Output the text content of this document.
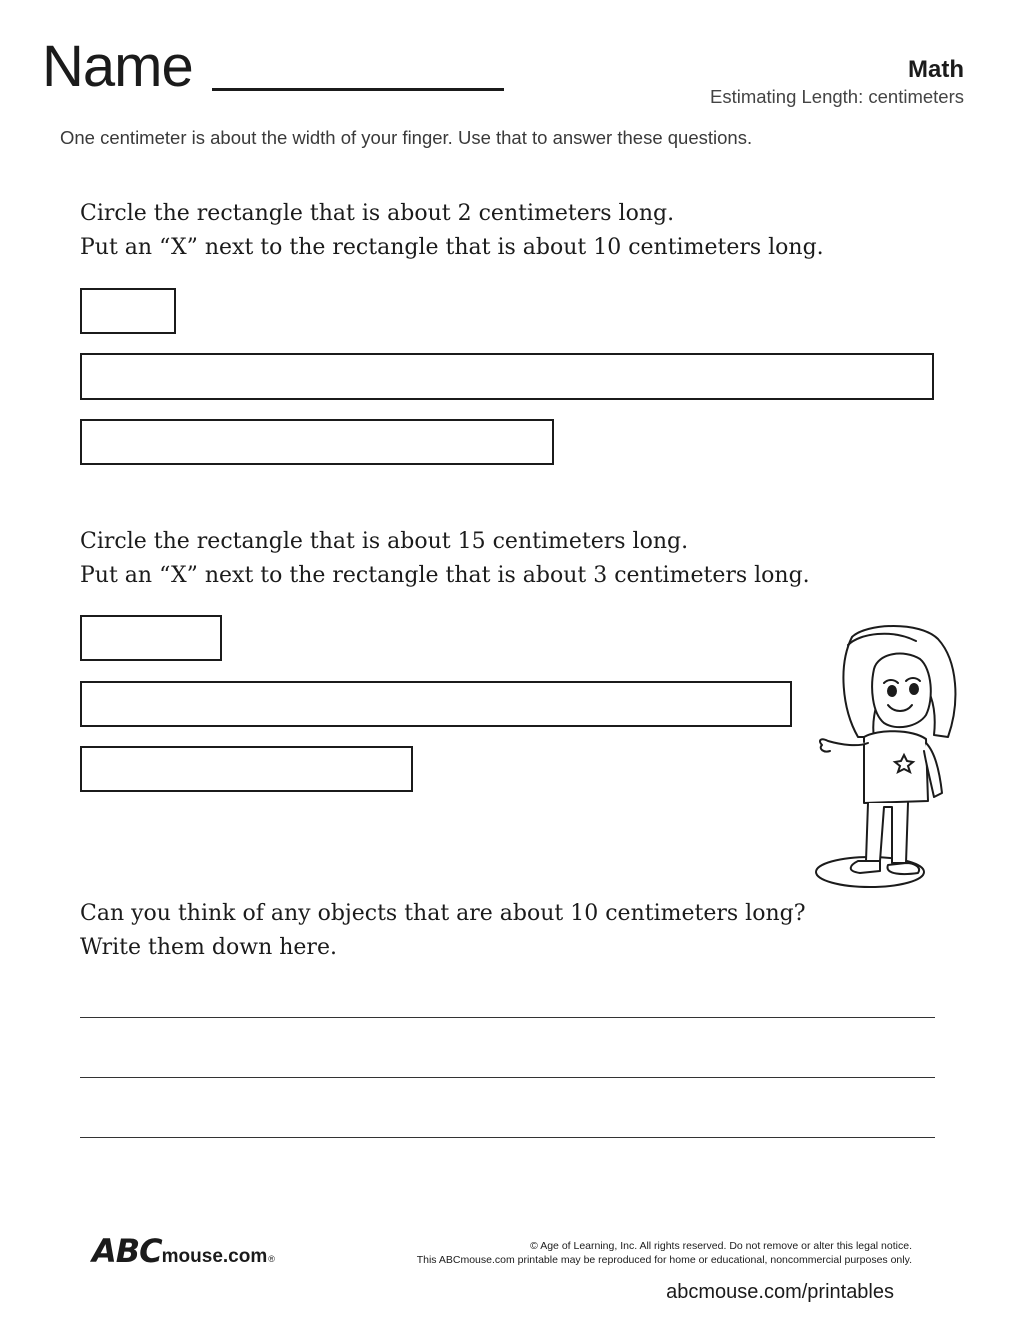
Name	Math
Estimating Length: centimeters
One centimeter is about the width of your finger. Use that to answer these questions.
Circle the rectangle that is about 2 centimeters long.
Put an “X” next to the rectangle that is about 10 centimeters long.
Circle the rectangle that is about 15 centimeters long.
Put an “X” next to the rectangle that is about 3 centimeters long.
Can you think of any objects that are about 10 centimeters long?
Write them down here.
ABC mouse.com ®
© Age of Learning, Inc. All rights reserved. Do not remove or alter this legal notice.
This ABCmouse.com printable may be reproduced for home or educational, noncommercial purposes only.
abcmouse.com/printables
